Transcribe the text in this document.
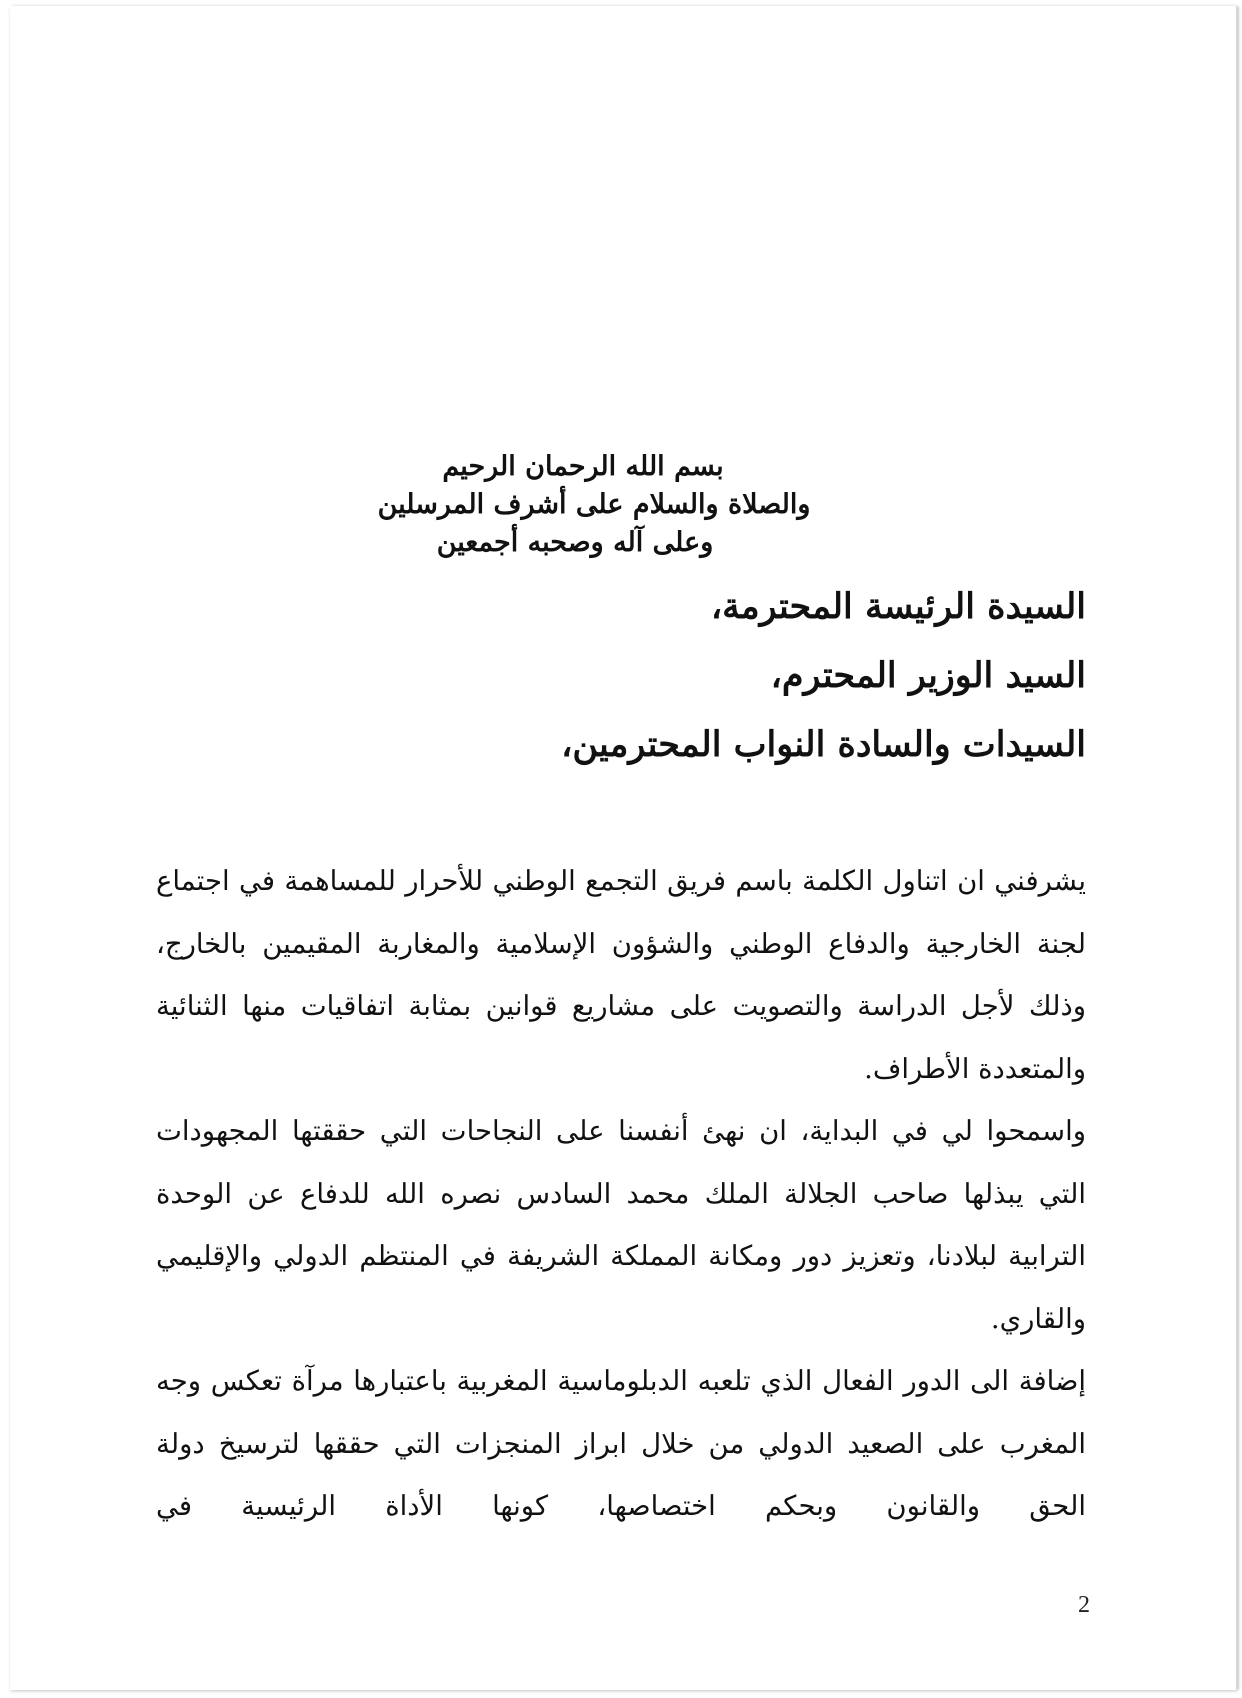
بسم الله الرحمان الرحيم
والصلاة والسلام على أشرف المرسلين
وعلى آله وصحبه أجمعين
السيدة الرئيسة المحترمة،
السيد الوزير المحترم،
السيدات والسادة النواب المحترمين،

يشرفني ان اتناول الكلمة باسم فريق التجمع الوطني للأحرار للمساهمة في اجتماع لجنة الخارجية والدفاع الوطني والشؤون الإسلامية والمغاربة المقيمين بالخارج، وذلك لأجل الدراسة والتصويت على مشاريع قوانين بمثابة اتفاقيات منها الثنائية والمتعددة الأطراف.

واسمحوا لي في البداية، ان نهئ أنفسنا على النجاحات التي حققتها المجهودات التي يبذلها صاحب الجلالة الملك محمد السادس نصره الله للدفاع عن الوحدة الترابية لبلادنا، وتعزيز دور ومكانة المملكة الشريفة في المنتظم الدولي والإقليمي والقاري.

إضافة الى الدور الفعال الذي تلعبه الدبلوماسية المغربية باعتبارها مرآة تعكس وجه المغرب على الصعيد الدولي من خلال ابراز المنجزات التي حققها لترسيخ دولة الحق والقانون وبحكم اختصاصها، كونها الأداة الرئيسية في

2
